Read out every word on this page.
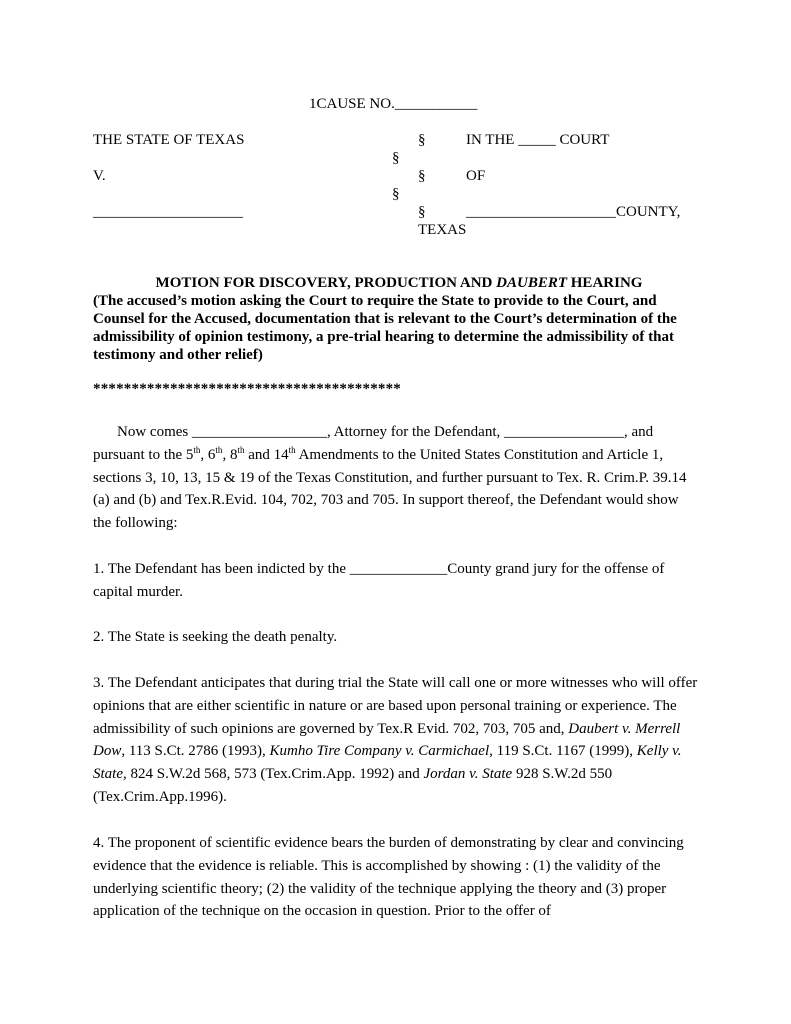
1CAUSE NO.___________
THE STATE OF TEXAS	§	IN THE _____ COURT
§
V.	§	OF
§
____________________	§	____________________COUNTY,
TEXAS
MOTION FOR DISCOVERY, PRODUCTION AND DAUBERT HEARING
(The accused’s motion asking the Court to require the State to provide to the Court, and Counsel for the Accused, documentation that is relevant to the Court’s determination of the admissibility of opinion testimony, a pre-trial hearing to determine the admissibility of that testimony and other relief)
****************************************
Now comes __________________, Attorney for the Defendant, ________________, and pursuant to the 5th, 6th, 8th and 14th Amendments to the United States Constitution and Article 1, sections 3, 10, 13, 15 & 19 of the Texas Constitution, and further pursuant to Tex. R. Crim.P. 39.14 (a) and (b) and Tex.R.Evid. 104, 702, 703 and 705. In support thereof, the Defendant would show the following:
1. The Defendant has been indicted by the _____________County grand jury for the offense of capital murder.
2. The State is seeking the death penalty.
3. The Defendant anticipates that during trial the State will call one or more witnesses who will offer opinions that are either scientific in nature or are based upon personal training or experience. The admissibility of such opinions are governed by Tex.R Evid. 702, 703, 705 and, Daubert v. Merrell Dow, 113 S.Ct. 2786 (1993), Kumho Tire Company v. Carmichael, 119 S.Ct. 1167 (1999), Kelly v. State, 824 S.W.2d 568, 573 (Tex.Crim.App. 1992) and Jordan v. State 928 S.W.2d 550 (Tex.Crim.App.1996).
4. The proponent of scientific evidence bears the burden of demonstrating by clear and convincing evidence that the evidence is reliable. This is accomplished by showing : (1) the validity of the underlying scientific theory; (2) the validity of the technique applying the theory and (3) proper application of the technique on the occasion in question. Prior to the offer of
